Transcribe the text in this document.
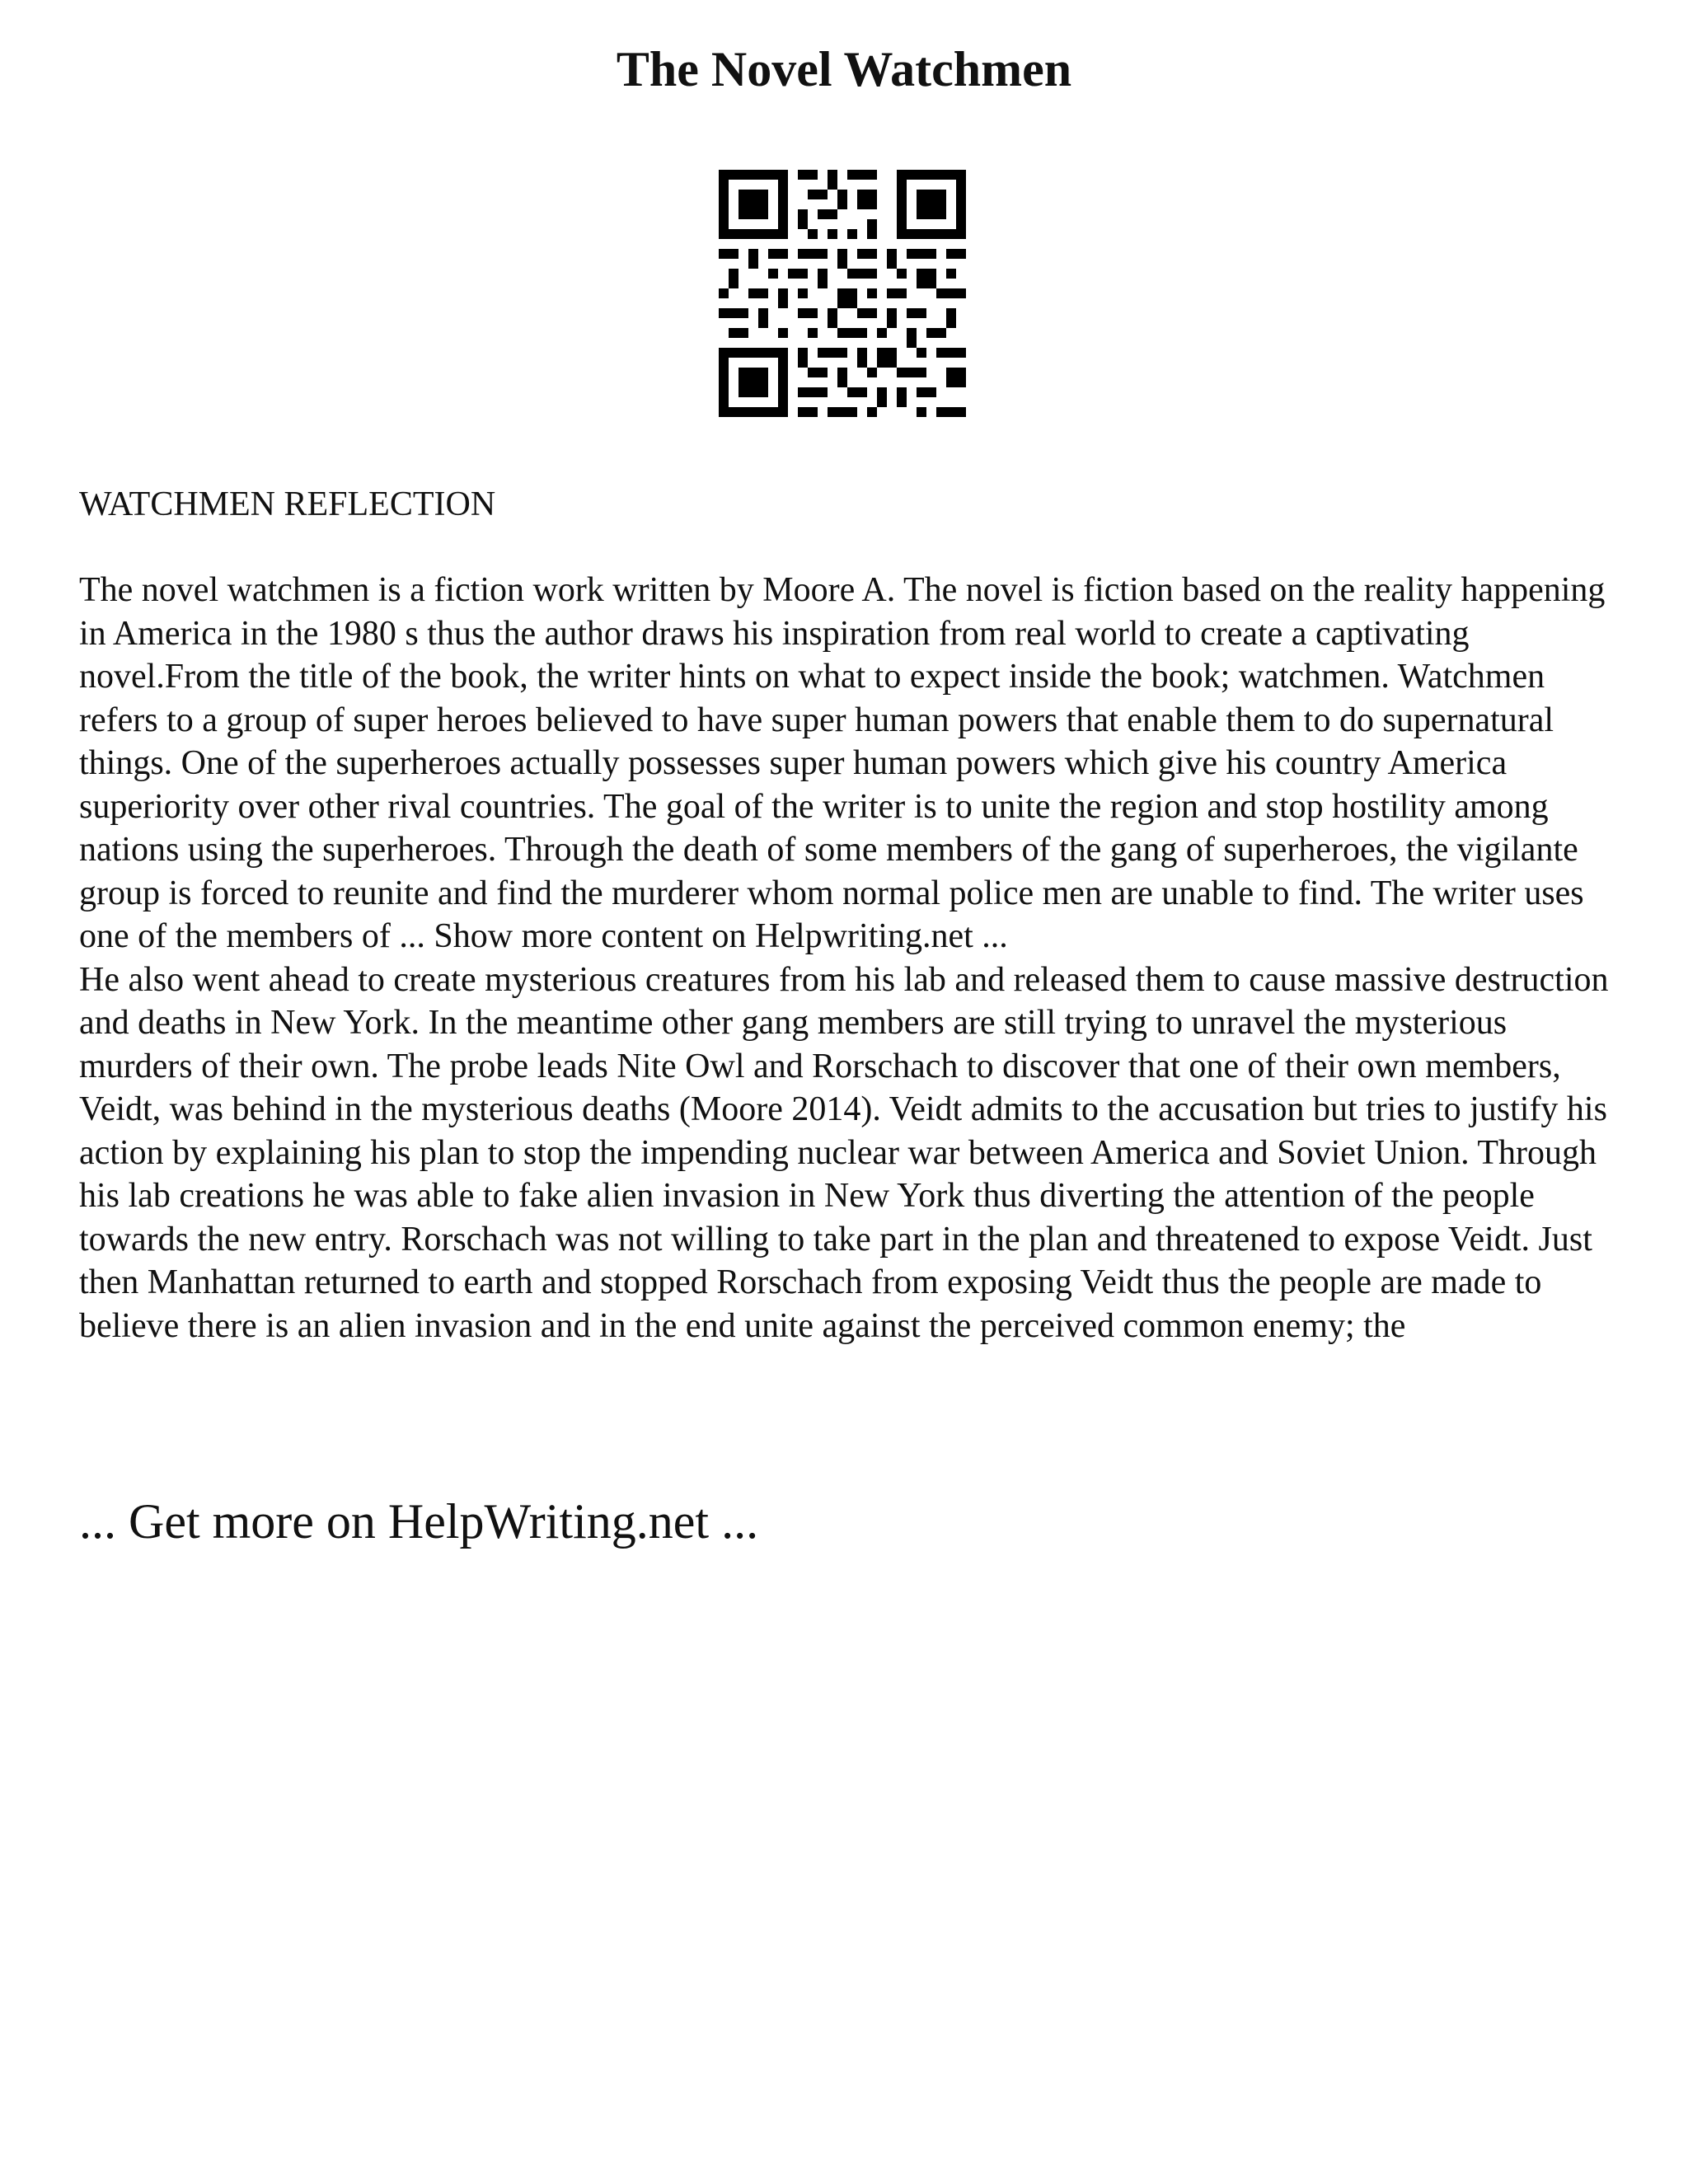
The Novel Watchmen
WATCHMEN REFLECTION

The novel watchmen is a fiction work written by Moore A. The novel is fiction based on the reality happening in America in the 1980 s thus the author draws his inspiration from real world to create a captivating novel.From the title of the book, the writer hints on what to expect inside the book; watchmen. Watchmen refers to a group of super heroes believed to have super human powers that enable them to do supernatural things. One of the superheroes actually possesses super human powers which give his country America superiority over other rival countries. The goal of the writer is to unite the region and stop hostility among nations using the superheroes. Through the death of some members of the gang of superheroes, the vigilante group is forced to reunite and find the murderer whom normal police men are unable to find. The writer uses one of the members of ... Show more content on Helpwriting.net ...

He also went ahead to create mysterious creatures from his lab and released them to cause massive destruction and deaths in New York. In the meantime other gang members are still trying to unravel the mysterious murders of their own. The probe leads Nite Owl and Rorschach to discover that one of their own members, Veidt, was behind in the mysterious deaths (Moore 2014). Veidt admits to the accusation but tries to justify his action by explaining his plan to stop the impending nuclear war between America and Soviet Union. Through his lab creations he was able to fake alien invasion in New York thus diverting the attention of the people towards the new entry. Rorschach was not willing to take part in the plan and threatened to expose Veidt. Just then Manhattan returned to earth and stopped Rorschach from exposing Veidt thus the people are made to believe there is an alien invasion and in the end unite against the perceived common enemy; the

... Get more on HelpWriting.net ...
